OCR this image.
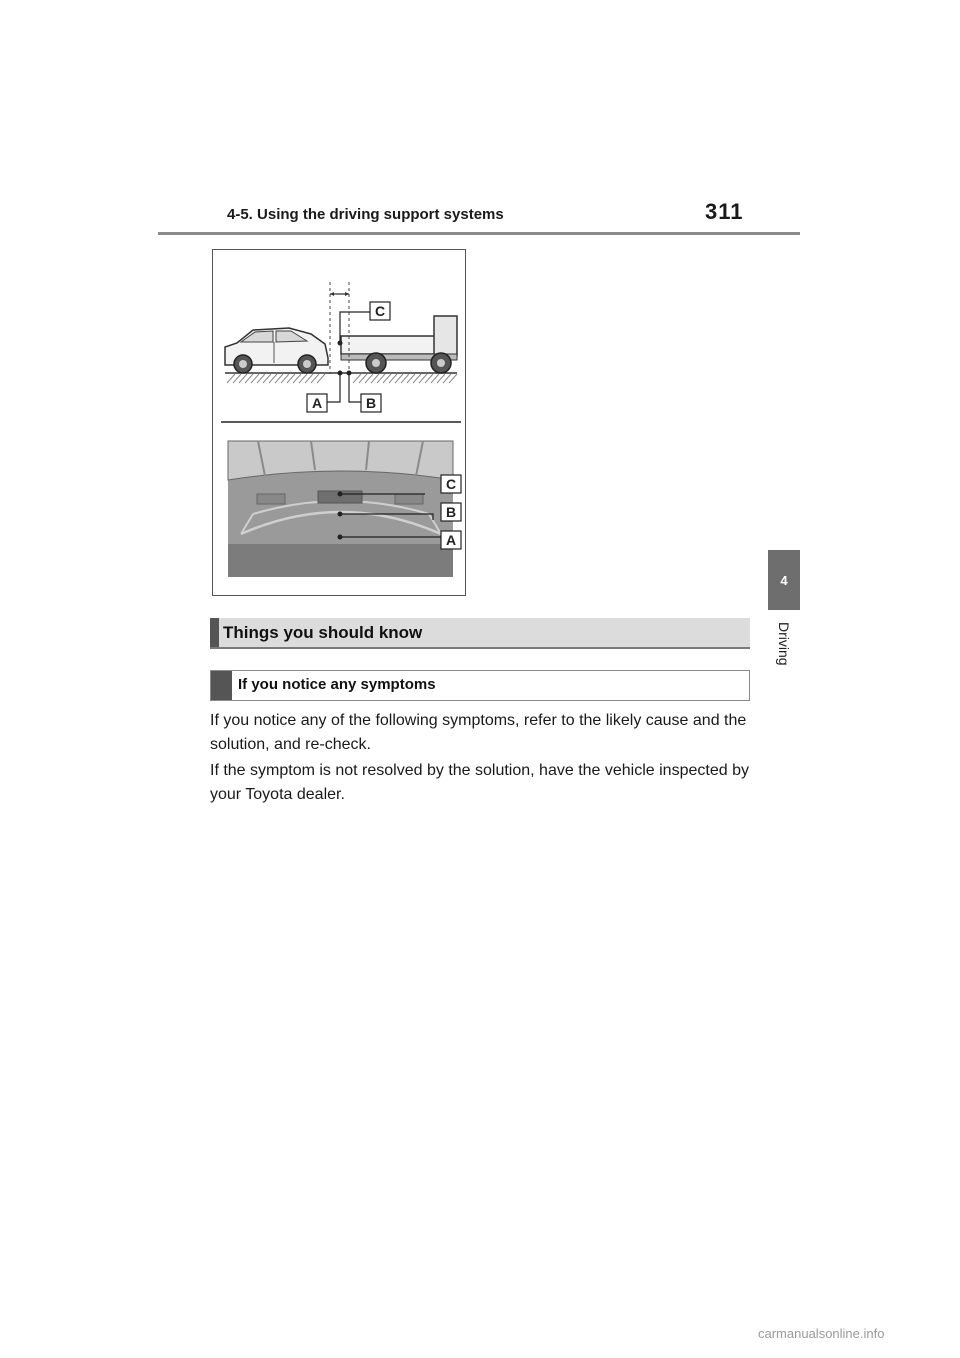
4-5. Using the driving support systems	311
4
Driving
C
A	B
C
B
A
Things you should know
If you notice any symptoms

If you notice any of the following symptoms, refer to the likely cause and the solution, and re-check.

If the symptom is not resolved by the solution, have the vehicle inspected by your Toyota dealer.

carmanualsonline.info
